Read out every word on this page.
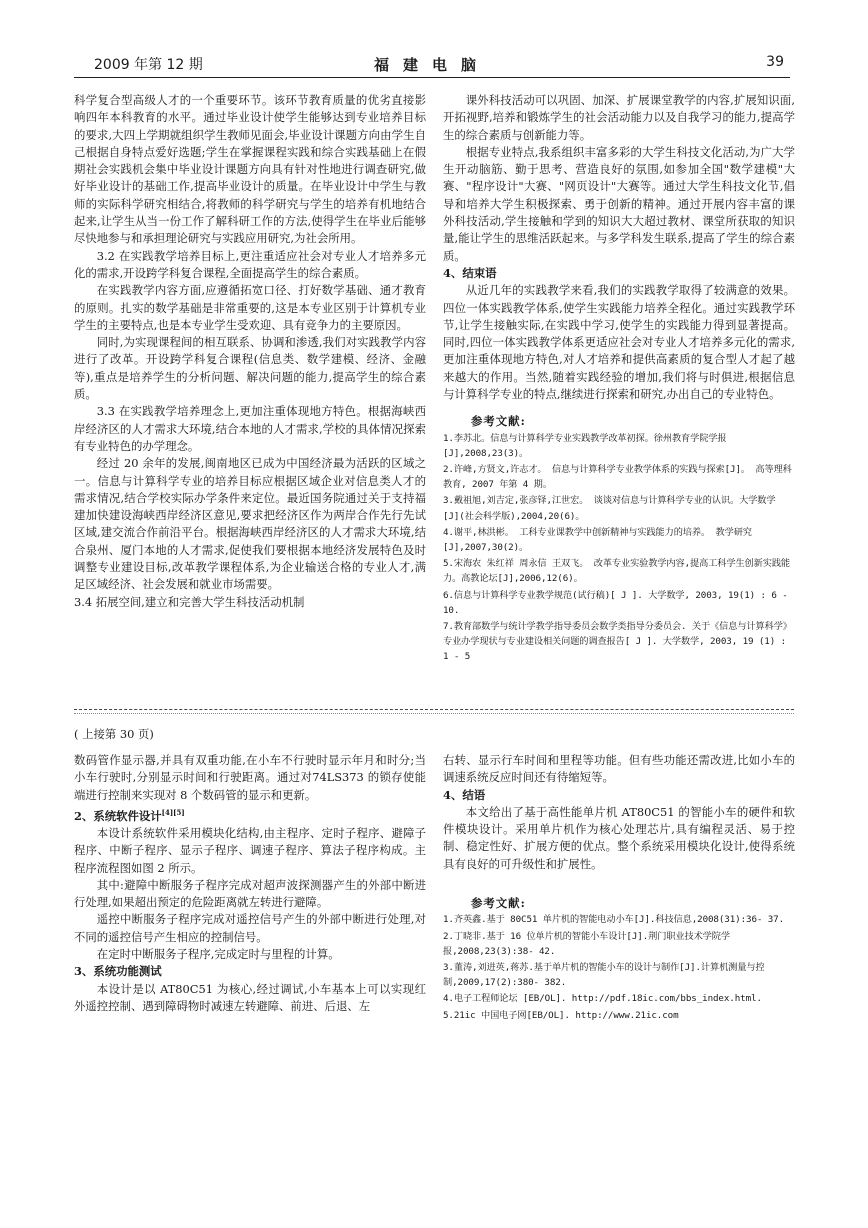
2009 年第 12 期	福建电脑	39

科学复合型高级人才的一个重要环节。该环节教育质量的优劣直接影响四年本科教育的水平。通过毕业设计使学生能够达到专业培养目标的要求,大四上学期就组织学生教师见面会,毕业设计课题方向由学生自己根据自身特点爱好选题;学生在掌握课程实践和综合实践基础上在假期社会实践机会集中毕业设计课题方向具有针对性地进行调查研究,做好毕业设计的基础工作,提高毕业设计的质量。在毕业设计中学生与教师的实际科学研究相结合,将教师的科学研究与学生的培养有机地结合起来,让学生从当一份工作了解科研工作的方法,使得学生在毕业后能够尽快地参与和承担理论研究与实践应用研究,为社会所用。

3.2 在实践教学培养目标上,更注重适应社会对专业人才培养多元化的需求,开设跨学科复合课程,全面提高学生的综合素质。

在实践教学内容方面,应遵循拓宽口径、打好数学基础、通才教育的原则。扎实的数学基础是非常重要的,这是本专业区别于计算机专业学生的主要特点,也是本专业学生受欢迎、具有竞争力的主要原因。

同时,为实现课程间的相互联系、协调和渗透,我们对实践教学内容进行了改革。开设跨学科复合课程(信息类、数学建模、经济、金融等),重点是培养学生的分析问题、解决问题的能力,提高学生的综合素质。

3.3 在实践教学培养理念上,更加注重体现地方特色。根据海峡西岸经济区的人才需求大环境,结合本地的人才需求,学校的具体情况探索有专业特色的办学理念。

经过 20 余年的发展,闽南地区已成为中国经济最为活跃的区域之一。信息与计算科学专业的培养目标应根据区域企业对信息类人才的需求情况,结合学校实际办学条件来定位。最近国务院通过关于支持福建加快建设海峡西岸经济区意见,要求把经济区作为两岸合作先行先试区域,建交流合作前沿平台。根据海峡西岸经济区的人才需求大环境,结合泉州、厦门本地的人才需求,促使我们要根据本地经济发展特色及时调整专业建设目标,改革教学课程体系,为企业输送合格的专业人才,满足区域经济、社会发展和就业市场需要。

3.4 拓展空间,建立和完善大学生科技活动机制

课外科技活动可以巩固、加深、扩展课堂教学的内容,扩展知识面,开拓视野,培养和锻炼学生的社会活动能力以及自我学习的能力,提高学生的综合素质与创新能力等。

根据专业特点,我系组织丰富多彩的大学生科技文化活动,为广大学生开动脑筋、勤于思考、营造良好的氛围,如参加全国"数学建模"大赛、"程序设计"大赛、"网页设计"大赛等。通过大学生科技文化节,倡导和培养大学生积极探索、勇于创新的精神。通过开展内容丰富的课外科技活动,学生接触和学到的知识大大超过教材、课堂所获取的知识量,能让学生的思维活跃起来。与多学科发生联系,提高了学生的综合素质。

4、结束语

从近几年的实践教学来看,我们的实践教学取得了较满意的效果。四位一体实践教学体系,使学生实践能力培养全程化。通过实践教学环节,让学生接触实际,在实践中学习,使学生的实践能力得到显著提高。同时,四位一体实践教学体系更适应社会对专业人才培养多元化的需求,更加注重体现地方特色,对人才培养和提供高素质的复合型人才起了越来越大的作用。当然,随着实践经验的增加,我们将与时俱进,根据信息与计算科学专业的特点,继续进行探索和研究,办出自己的专业特色。

参考文献:

1.李苏北。信息与计算科学专业实践教学改革初探。徐州教育学院学报[J],2008,23(3)。

2.许峰,方贤文,许志才。 信息与计算科学专业教学体系的实践与探索[J]。 高等理科教育, 2007 年第 4 期。

3.戴祖旭,刘吉定,张彦铎,江世宏。 谈谈对信息与计算科学专业的认识。大学数学 [J](社会科学版),2004,20(6)。

4.谢平,林洪彬。 工科专业课教学中创新精神与实践能力的培养。 教学研究[J],2007,30(2)。

5.宋海农 朱红祥 周永信 王双飞。 改革专业实验教学内容,提高工科学生创新实践能力。高教论坛[J],2006,12(6)。

6.信息与计算科学专业教学规范(试行稿)[ J ]. 大学数学, 2003, 19(1) : 6 - 10.

7.教育部数学与统计学教学指导委员会数学类指导分委员会. 关于《信息与计算科学》专业办学现状与专业建设相关问题的调查报告[ J ]. 大学数学, 2003, 19 (1) : 1 - 5

( 上接第 30 页)

数码管作显示器,并具有双重功能,在小车不行驶时显示年月和时分;当小车行驶时,分别显示时间和行驶距离。通过对74LS373 的锁存使能端进行控制来实现对 8 个数码管的显示和更新。

2、系统软件设计[4][5]

本设计系统软件采用模块化结构,由主程序、定时子程序、避障子程序、中断子程序、显示子程序、调速子程序、算法子程序构成。主程序流程图如图 2 所示。

其中:避障中断服务子程序完成对超声波探测器产生的外部中断进行处理,如果超出预定的危险距离就左转进行避障。

遥控中断服务子程序完成对遥控信号产生的外部中断进行处理,对不同的遥控信号产生相应的控制信号。

在定时中断服务子程序,完成定时与里程的计算。

3、系统功能测试

本设计是以 AT80C51 为核心,经过调试,小车基本上可以实现红外遥控控制、遇到障碍物时减速左转避障、前进、后退、左

右转、显示行车时间和里程等功能。但有些功能还需改进,比如小车的调速系统反应时间还有待缩短等。

4、结语

本文给出了基于高性能单片机 AT80C51 的智能小车的硬件和软件模块设计。采用单片机作为核心处理芯片,具有编程灵活、易于控制、稳定性好、扩展方便的优点。整个系统采用模块化设计,使得系统具有良好的可升级性和扩展性。

参考文献:

1.齐英鑫.基于 80C51 单片机的智能电动小车[J].科技信息,2008(31):36- 37.

2.丁晓非.基于 16 位单片机的智能小车设计[J].荆门职业技术学院学报,2008,23(3):38- 42.

3.董涛,刘进英,蒋苏.基于单片机的智能小车的设计与制作[J].计算机测量与控制,2009,17(2):380- 382.

4.电子工程师论坛 [EB/OL]. http://pdf.18ic.com/bbs_index.html.

5.21ic 中国电子网[EB/OL]. http://www.21ic.com
